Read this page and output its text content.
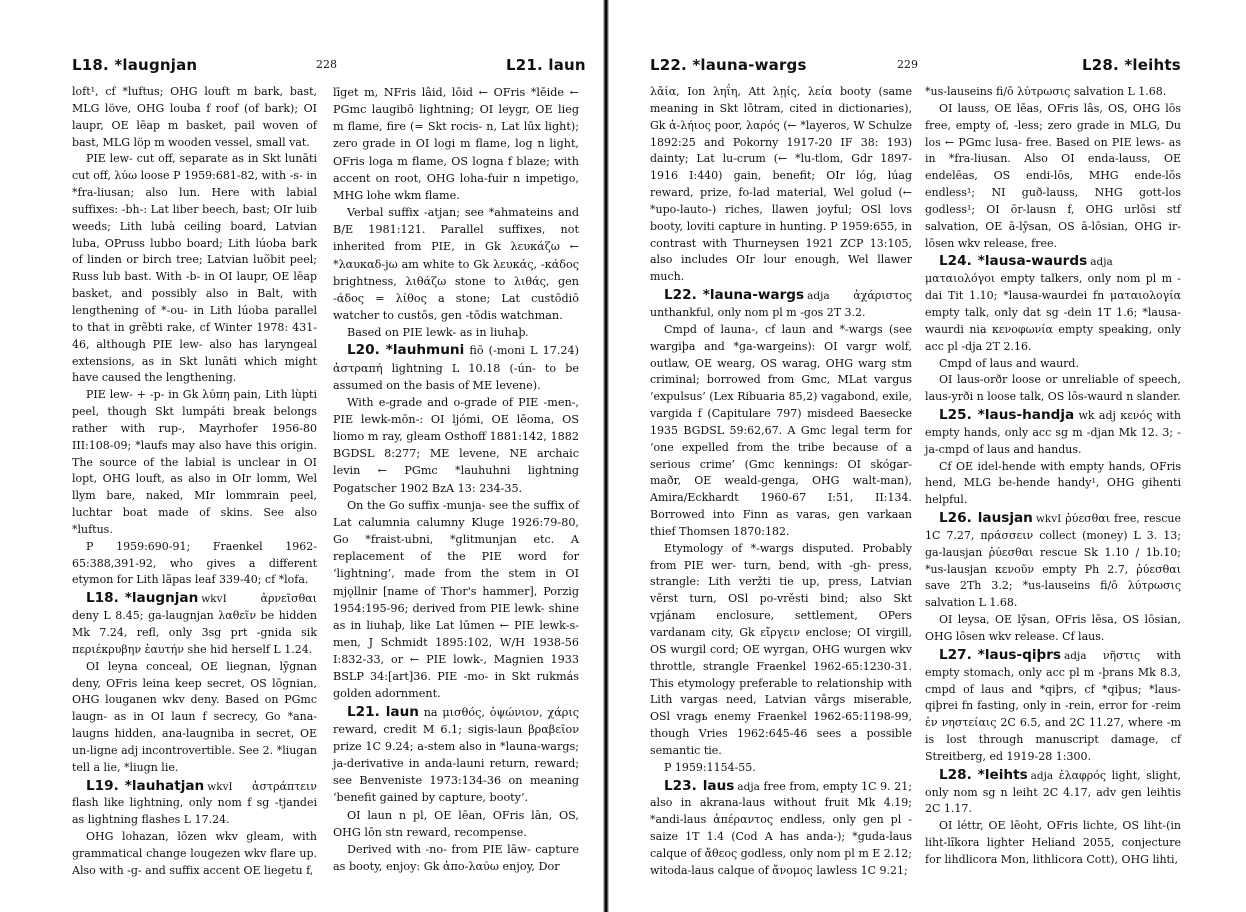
L18. *laugnjan	228	L21. laun

loft¹, cf *luftus; OHG louft m bark, bast, MLG löve, OHG louba f roof (of bark); OI laupr, OE lēap m basket, pail woven of bast, MLG löp m wooden vessel, small vat.

PIE lew- cut off, separate as in Skt lunāti cut off, λύω loose P 1959:681-82, with -s- in *fra-liusan; also lun. Here with labial suffixes: -bh-: Lat liber beech, bast; OIr luib weeds; Lith lubà ceiling board, Latvian luba, OPruss lubbo board; Lith lúoba bark of linden or birch tree; Latvian luõbit peel; Russ lub bast. With -b- in OI laupr, OE lēap basket, and possibly also in Balt, with lengthening of *-ou- in Lith lúoba parallel to that in grẽbti rake, cf Winter 1978: 431-46, although PIE lew- also has laryngeal extensions, as in Skt lunāti which might have caused the lengthening.

PIE lew- + -p- in Gk λύπη pain, Lith lùpti peel, though Skt lumpáti break belongs rather with rup-, Mayrhofer 1956-80 III:108-09; *laufs may also have this origin. The source of the labial is unclear in OI lopt, OHG louft, as also in OIr lomm, Wel llym bare, naked, MIr lommrain peel, luchtar boat made of skins. See also *luftus.

P 1959:690-91; Fraenkel 1962-65:388,391-92, who gives a different etymon for Lith lãpas leaf 339-40; cf *lofa.

L18. *laugnjan wkvI ἀρνεῖσθαι deny L 8.45; ga-laugnjan λαθεῖν be hidden Mk 7.24, refl, only 3sg prt -gnida sik περιέκρυβην ἑαυτήν she hid herself L 1.24.

OI leyna conceal, OE liegnan, lȳgnan deny, OFris leina keep secret, OS lōgnian, OHG louganen wkv deny. Based on PGmc laugn- as in OI laun f secrecy, Go *ana-laugns hidden, ana-laugniba in secret, OE un-ligne adj incontrovertible. See 2. *liugan tell a lie, *liugn lie.

L19. *lauhatjan wkvI ἀστράπτειν flash like lightning, only nom f sg -tjandei as lightning flashes L 17.24.

OHG lohazan, lōzen wkv gleam, with grammatical change lougezen wkv flare up. Also with -g- and suffix accent OE liegetu f,

līget m, NFris lâid, lōid ← OFris *lēide ← PGmc laugibō lightning; OI leygr, OE lieg m flame, fire (= Skt rocis- n, Lat lūx light); zero grade in OI logi m flame, log n light, OFris loga m flame, OS logna f blaze; with accent on root, OHG loha-fuir n impetigo, MHG lohe wkm flame.

Verbal suffix -atjan; see *ahmateins and B/E 1981:121. Parallel suffixes, not inherited from PIE, in Gk λευκάζω ← *λαυκαδ-jω am white to Gk λευκάς, -κάδος brightness, λιθάζω stone to λιθάς, gen -άδος = λίθος a stone; Lat custōdiō watcher to custōs, gen -tōdis watchman.

Based on PIE lewk- as in liuhaþ.

L20. *lauhmuni fiō (-moni L 17.24) ἀστραπή lightning L 10.18 (-ún- to be assumed on the basis of ME levene).

With e-grade and o-grade of PIE -men-, PIE lewk-mōn-: OI ljómi, OE lēoma, OS liomo m ray, gleam Osthoff 1881:142, 1882 BGDSL 8:277; ME levene, NE archaic levin ← PGmc *lauhuhni lightning Pogatscher 1902 BzA 13: 234-35.

On the Go suffix -munja- see the suffix of Lat calumnia calumny Kluge 1926:79-80, Go *fraist-ubni, *glitmunjan etc. A replacement of the PIE word for ‘lightning’, made from the stem in OI mjǫllnir [name of Thor's hammer], Porzig 1954:195-96; derived from PIE lewk- shine as in liuhaþ, like Lat lūmen ← PIE lewk-s-men, J Schmidt 1895:102, W/H 1938-56 I:832-33, or ← PIE lowk-, Magnien 1933 BSLP 34:[art]36. PIE -mo- in Skt rukmás golden adornment.

L21. laun na μισθός, ὀψώνιον, χάρις reward, credit M 6.1; sigis-laun βραβεῖον prize 1C 9.24; a-stem also in *launa-wargs; ja-derivative in anda-launi return, reward; see Benveniste 1973:134-36 on meaning ‘benefit gained by capture, booty’.

OI laun n pl, OE lēan, OFris lān, OS, OHG lōn stn reward, recompense.

Derived with -no- from PIE lāw- capture as booty, enjoy: Gk ἀπο-λαύω enjoy, Dor

L22. *launa-wargs	229	L28. *leihts

λᾱία, Ion ληΐη, Att λῃίς, λεία booty (same meaning in Skt lōtram, cited in dictionaries), Gk ἀ-λήιος poor, λαρός (← *layeros, W Schulze 1892:25 and Pokorny 1917-20 IF 38: 193) dainty; Lat lu-crum (← *lu-tlom, Gdr 1897-1916 I:440) gain, benefit; OIr lóg, lúag reward, prize, fo-lad material, Wel golud (← *upo-lauto-) riches, llawen joyful; OSl lovs booty, loviti capture in hunting. P 1959:655, in contrast with Thurneysen 1921 ZCP 13:105, also includes OIr lour enough, Wel llawer much.

L22. *launa-wargs adja ἀχάριστος unthankful, only nom pl m -gos 2T 3.2.

Cmpd of launa-, cf laun and *-wargs (see wargiþa and *ga-wargeins): OI vargr wolf, outlaw, OE wearg, OS warag, OHG warg stm criminal; borrowed from Gmc, MLat vargus ‘expulsus’ (Lex Ribuaria 85,2) vagabond, exile, vargida f (Capitulare 797) misdeed Baesecke 1935 BGDSL 59:62,67. A Gmc legal term for ‘one expelled from the tribe because of a serious crime’ (Gmc kennings: OI skógar-maðr, OE weald-genga, OHG walt-man), Amira/Eckhardt 1960-67 I:51, II:134. Borrowed into Finn as varas, gen varkaan thief Thomsen 1870:182.

Etymology of *-wargs disputed. Probably from PIE wer- turn, bend, with -gh- press, strangle: Lith veržti tie up, press, Latvian vērst turn, OSl po-vrěsti bind; also Skt vr̥jánam enclosure, settlement, OPers vardanam city, Gk εἴργειν enclose; OI virgill, OS wurgil cord; OE wyrgan, OHG wurgen wkv throttle, strangle Fraenkel 1962-65:1230-31. This etymology preferable to relationship with Lith vargas need, Latvian vârgs miserable, OSl vragь enemy Fraenkel 1962-65:1198-99, though Vries 1962:645-46 sees a possible semantic tie.

P 1959:1154-55.

L23. laus adja free from, empty 1C 9. 21; also in akrana-laus without fruit Mk 4.19; *andi-laus ἀπέραντος endless, only gen pl -saize 1T 1.4 (Cod A has anda-); *guda-laus calque of ἄθεος godless, only nom pl m E 2.12; witoda-laus calque of ἄνομος lawless 1C 9.21;

*us-lauseins fi/ō λύτρωσις salvation L 1.68.

OI lauss, OE lēas, OFris lâs, OS, OHG lōs free, empty of, -less; zero grade in MLG, Du los ← PGmc lusa- free. Based on PIE lews- as in *fra-liusan. Also OI enda-lauss, OE endelēas, OS endi-lōs, MHG ende-lōs endless¹; NI guð-lauss, NHG gott-los godless¹; OI ōr-lausn f, OHG urlōsi stf salvation, OE ā-lȳsan, OS ā-lōsian, OHG ir-lōsen wkv release, free.

L24. *lausa-waurds adja ματαιολόγοι empty talkers, only nom pl m -dai Tit 1.10; *lausa-waurdei fn ματαιολογία empty talk, only dat sg -dein 1T 1.6; *lausa-waurdi nia κενοφωνία empty speaking, only acc pl -dja 2T 2.16.

Cmpd of laus and waurd.

OI laus-orðr loose or unreliable of speech, laus-yrði n loose talk, OS lōs-waurd n slander.

L25. *laus-handja wk adj κενός with empty hands, only acc sg m -djan Mk 12. 3; -ja-cmpd of laus and handus.

Cf OE idel-hende with empty hands, OFris hend, MLG be-hende handy¹, OHG gihenti helpful.

L26. lausjan wkvI ῥύεσθαι free, rescue 1C 7.27, πράσσειν collect (money) L 3. 13; ga-lausjan ῥύεσθαι rescue Sk 1.10 / 1b.10; *us-lausjan κενοῦν empty Ph 2.7, ῥύεσθαι save 2Th 3.2; *us-lauseins fi/ō λύτρωσις salvation L 1.68.

OI leysa, OE lȳsan, OFris lēsa, OS lōsian, OHG lōsen wkv release. Cf laus.

L27. *laus-qiþrs adja νῆστις with empty stomach, only acc pl m -þrans Mk 8.3, cmpd of laus and *qiþrs, cf *qiþus; *laus-qiþrei fn fasting, only in -rein, error for -reim ἐν νηστείαις 2C 6.5, and 2C 11.27, where -m is lost through manuscript damage, cf Streitberg, ed 1919-28 1:300.

L28. *leihts adja ἐλαφρός light, slight, only nom sg n leiht 2C 4.17, adv gen leihtis 2C 1.17.

OI léttr, OE lēoht, OFris lichte, OS liht-(in liht-lîkora lighter Heliand 2055, conjecture for lihdlicora Mon, lithlicora Cott), OHG lihti,
